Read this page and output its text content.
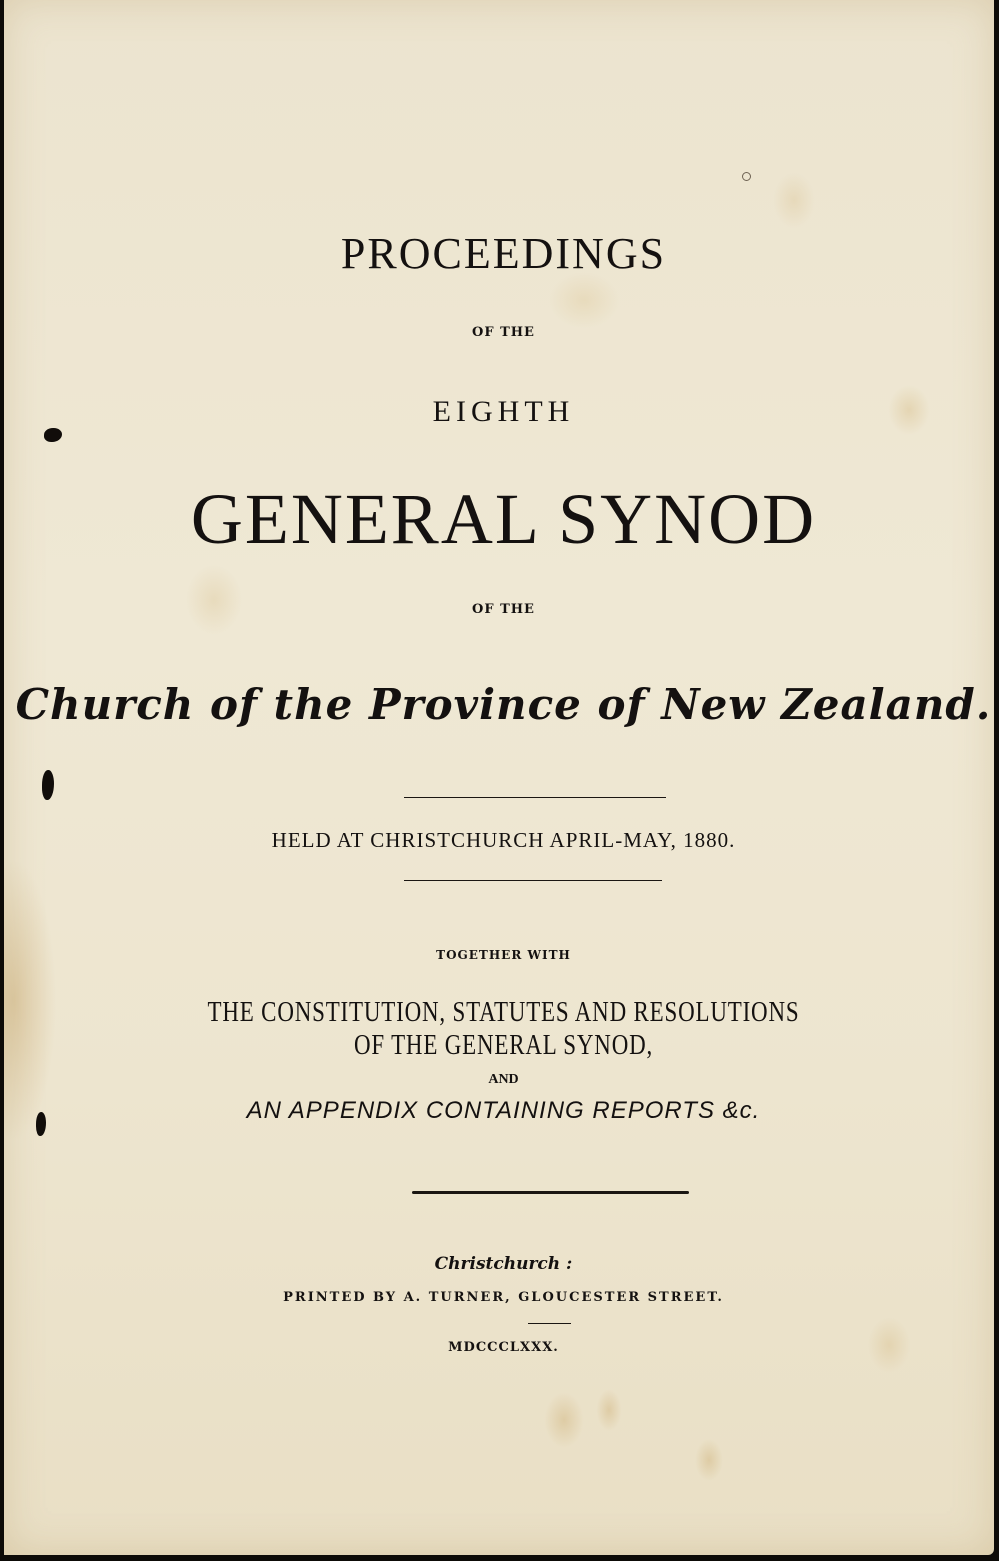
PROCEEDINGS
OF THE
EIGHTH
GENERAL SYNOD
OF THE
Church of the Province of New Zealand.
HELD AT CHRISTCHURCH APRIL-MAY, 1880.
TOGETHER WITH
THE CONSTITUTION, STATUTES AND RESOLUTIONS
OF THE GENERAL SYNOD,
AND
AN APPENDIX CONTAINING REPORTS &c.
Christchurch :
PRINTED BY A. TURNER, GLOUCESTER STREET.
MDCCCLXXX.
